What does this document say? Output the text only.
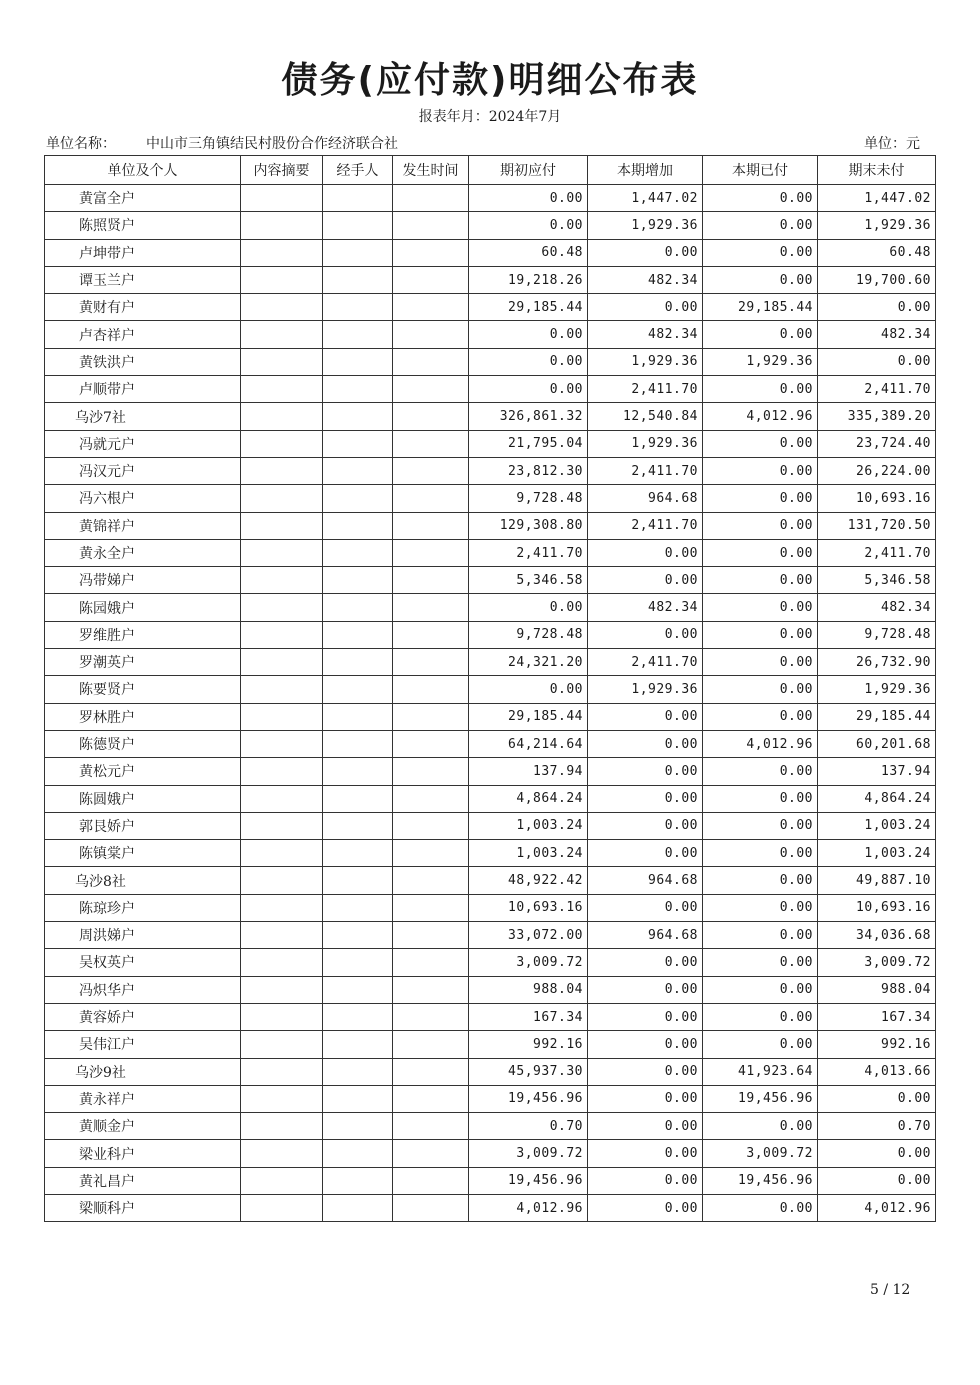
债务(应付款)明细公布表
报表年月：2024年7月
单位名称： 中山市三角镇结民村股份合作经济联合社	单位：元
单位及个人	内容摘要	经手人	发生时间	期初应付	本期增加	本期已付	期末未付
黄富全户				0.00	1,447.02	0.00	1,447.02
陈照贤户				0.00	1,929.36	0.00	1,929.36
卢坤带户				60.48	0.00	0.00	60.48
谭玉兰户				19,218.26	482.34	0.00	19,700.60
黄财有户				29,185.44	0.00	29,185.44	0.00
卢杏祥户				0.00	482.34	0.00	482.34
黄铁洪户				0.00	1,929.36	1,929.36	0.00
卢顺带户				0.00	2,411.70	0.00	2,411.70
乌沙7社				326,861.32	12,540.84	4,012.96	335,389.20
冯就元户				21,795.04	1,929.36	0.00	23,724.40
冯汉元户				23,812.30	2,411.70	0.00	26,224.00
冯六根户				9,728.48	964.68	0.00	10,693.16
黄锦祥户				129,308.80	2,411.70	0.00	131,720.50
黄永全户				2,411.70	0.00	0.00	2,411.70
冯带娣户				5,346.58	0.00	0.00	5,346.58
陈园娥户				0.00	482.34	0.00	482.34
罗维胜户				9,728.48	0.00	0.00	9,728.48
罗潮英户				24,321.20	2,411.70	0.00	26,732.90
陈要贤户				0.00	1,929.36	0.00	1,929.36
罗林胜户				29,185.44	0.00	0.00	29,185.44
陈德贤户				64,214.64	0.00	4,012.96	60,201.68
黄松元户				137.94	0.00	0.00	137.94
陈圆娥户				4,864.24	0.00	0.00	4,864.24
郭艮娇户				1,003.24	0.00	0.00	1,003.24
陈镇棠户				1,003.24	0.00	0.00	1,003.24
乌沙8社				48,922.42	964.68	0.00	49,887.10
陈琼珍户				10,693.16	0.00	0.00	10,693.16
周洪娣户				33,072.00	964.68	0.00	34,036.68
吴权英户				3,009.72	0.00	0.00	3,009.72
冯炽华户				988.04	0.00	0.00	988.04
黄容娇户				167.34	0.00	0.00	167.34
吴伟江户				992.16	0.00	0.00	992.16
乌沙9社				45,937.30	0.00	41,923.64	4,013.66
黄永祥户				19,456.96	0.00	19,456.96	0.00
黄顺金户				0.70	0.00	0.00	0.70
梁业科户				3,009.72	0.00	3,009.72	0.00
黄礼昌户				19,456.96	0.00	19,456.96	0.00
梁顺科户				4,012.96	0.00	0.00	4,012.96
5 / 12
